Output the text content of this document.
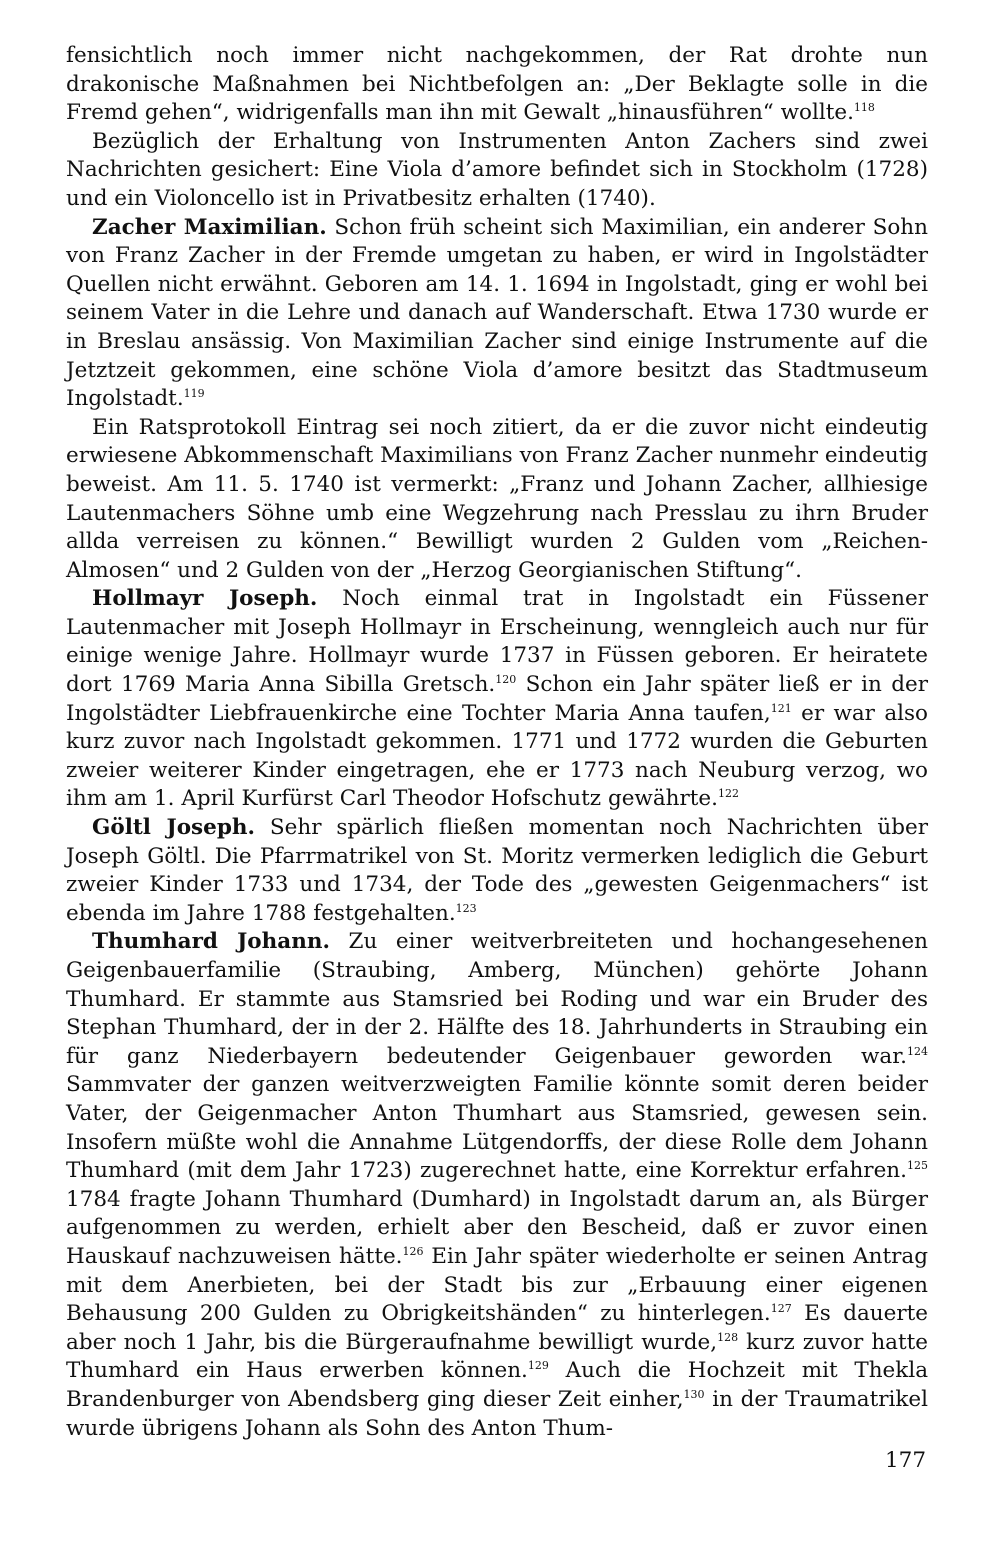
fensichtlich noch immer nicht nachgekommen, der Rat drohte nun drakonische Maßnahmen bei Nichtbefolgen an: „Der Beklagte solle in die Fremd gehen“, widrigenfalls man ihn mit Gewalt „hinausführen“ wollte.$^{118}$

Bezüglich der Erhaltung von Instrumenten Anton Zachers sind zwei Nachrichten gesichert: Eine Viola d’amore befindet sich in Stockholm (1728) und ein Violoncello ist in Privatbesitz erhalten (1740).

Zacher Maximilian. Schon früh scheint sich Maximilian, ein anderer Sohn von Franz Zacher in der Fremde umgetan zu haben, er wird in Ingolstädter Quellen nicht erwähnt. Geboren am 14. 1. 1694 in Ingolstadt, ging er wohl bei seinem Vater in die Lehre und danach auf Wanderschaft. Etwa 1730 wurde er in Breslau ansässig. Von Maximilian Zacher sind einige Instrumente auf die Jetztzeit gekommen, eine schöne Viola d’amore besitzt das Stadtmuseum Ingolstadt.$^{119}$

Ein Ratsprotokoll Eintrag sei noch zitiert, da er die zuvor nicht eindeutig erwiesene Abkommenschaft Maximilians von Franz Zacher nunmehr eindeutig beweist. Am 11. 5. 1740 ist vermerkt: „Franz und Johann Zacher, allhiesige Lautenmachers Söhne umb eine Wegzehrung nach Presslau zu ihrn Bruder allda verreisen zu können.“ Bewilligt wurden 2 Gulden vom „Reichen-Almosen“ und 2 Gulden von der „Herzog Georgianischen Stiftung“.

Hollmayr Joseph. Noch einmal trat in Ingolstadt ein Füssener Lautenmacher mit Joseph Hollmayr in Erscheinung, wenngleich auch nur für einige wenige Jahre. Hollmayr wurde 1737 in Füssen geboren. Er heiratete dort 1769 Maria Anna Sibilla Gretsch.$^{120}$ Schon ein Jahr später ließ er in der Ingolstädter Liebfrauenkirche eine Tochter Maria Anna taufen,$^{121}$ er war also kurz zuvor nach Ingolstadt gekommen. 1771 und 1772 wurden die Geburten zweier weiterer Kinder eingetragen, ehe er 1773 nach Neuburg verzog, wo ihm am 1. April Kurfürst Carl Theodor Hofschutz gewährte.$^{122}$

Göltl Joseph. Sehr spärlich fließen momentan noch Nachrichten über Joseph Göltl. Die Pfarrmatrikel von St. Moritz vermerken lediglich die Geburt zweier Kinder 1733 und 1734, der Tode des „gewesten Geigenmachers“ ist ebenda im Jahre 1788 festgehalten.$^{123}$

Thumhard Johann. Zu einer weitverbreiteten und hochangesehenen Geigenbauerfamilie (Straubing, Amberg, München) gehörte Johann Thumhard. Er stammte aus Stamsried bei Roding und war ein Bruder des Stephan Thumhard, der in der 2. Hälfte des 18. Jahrhunderts in Straubing ein für ganz Niederbayern bedeutender Geigenbauer geworden war.$^{124}$ Sammvater der ganzen weitverzweigten Familie könnte somit deren beider Vater, der Geigenmacher Anton Thumhart aus Stamsried, gewesen sein. Insofern müßte wohl die Annahme Lütgendorffs, der diese Rolle dem Johann Thumhard (mit dem Jahr 1723) zugerechnet hatte, eine Korrektur erfahren.$^{125}$ 1784 fragte Johann Thumhard (Dumhard) in Ingolstadt darum an, als Bürger aufgenommen zu werden, erhielt aber den Bescheid, daß er zuvor einen Hauskauf nachzuweisen hätte.$^{126}$ Ein Jahr später wiederholte er seinen Antrag mit dem Anerbieten, bei der Stadt bis zur „Erbauung einer eigenen Behausung 200 Gulden zu Obrigkeitshänden“ zu hinterlegen.$^{127}$ Es dauerte aber noch 1 Jahr, bis die Bürgeraufnahme bewilligt wurde,$^{128}$ kurz zuvor hatte Thumhard ein Haus erwerben können.$^{129}$ Auch die Hochzeit mit Thekla Brandenburger von Abendsberg ging dieser Zeit einher,$^{130}$ in der Traumatrikel wurde übrigens Johann als Sohn des Anton Thum-

177
